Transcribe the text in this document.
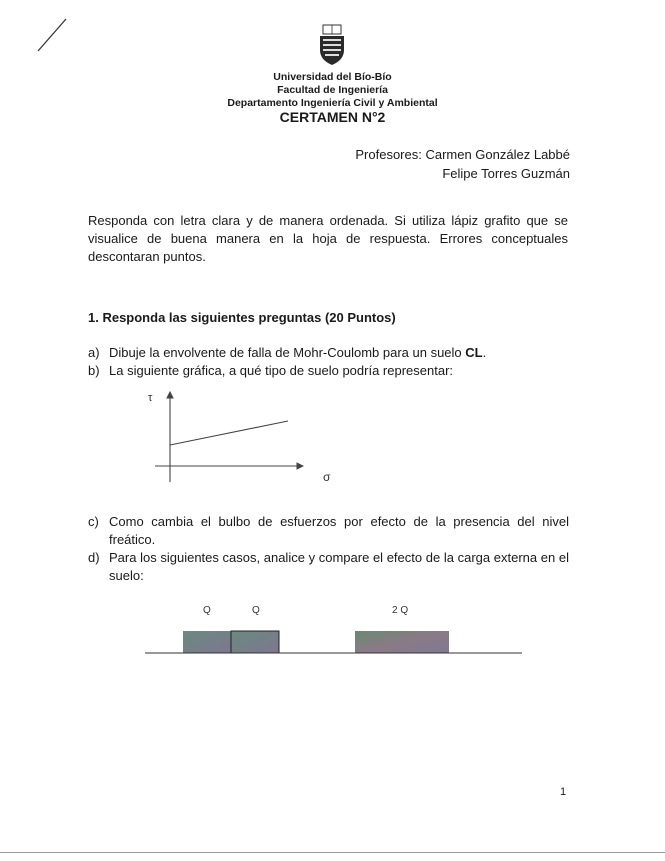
Universidad del Bío-Bío
Facultad de Ingeniería
Departamento Ingeniería Civil y Ambiental
CERTAMEN N°2
Profesores: Carmen González Labbé
Felipe Torres Guzmán
Responda con letra clara y de manera ordenada. Si utiliza lápiz grafito que se visualice de buena manera en la hoja de respuesta. Errores conceptuales descontaran puntos.
1. Responda las siguientes preguntas (20 Puntos)
a) Dibuje la envolvente de falla de Mohr-Coulomb para un suelo CL.
b) La siguiente gráfica, a qué tipo de suelo podría representar:
τ
σ
c) Como cambia el bulbo de esfuerzos por efecto de la presencia del nivel freático.
d) Para los siguientes casos, analice y compare el efecto de la carga externa en el suelo:
Q	Q	2 Q
1
